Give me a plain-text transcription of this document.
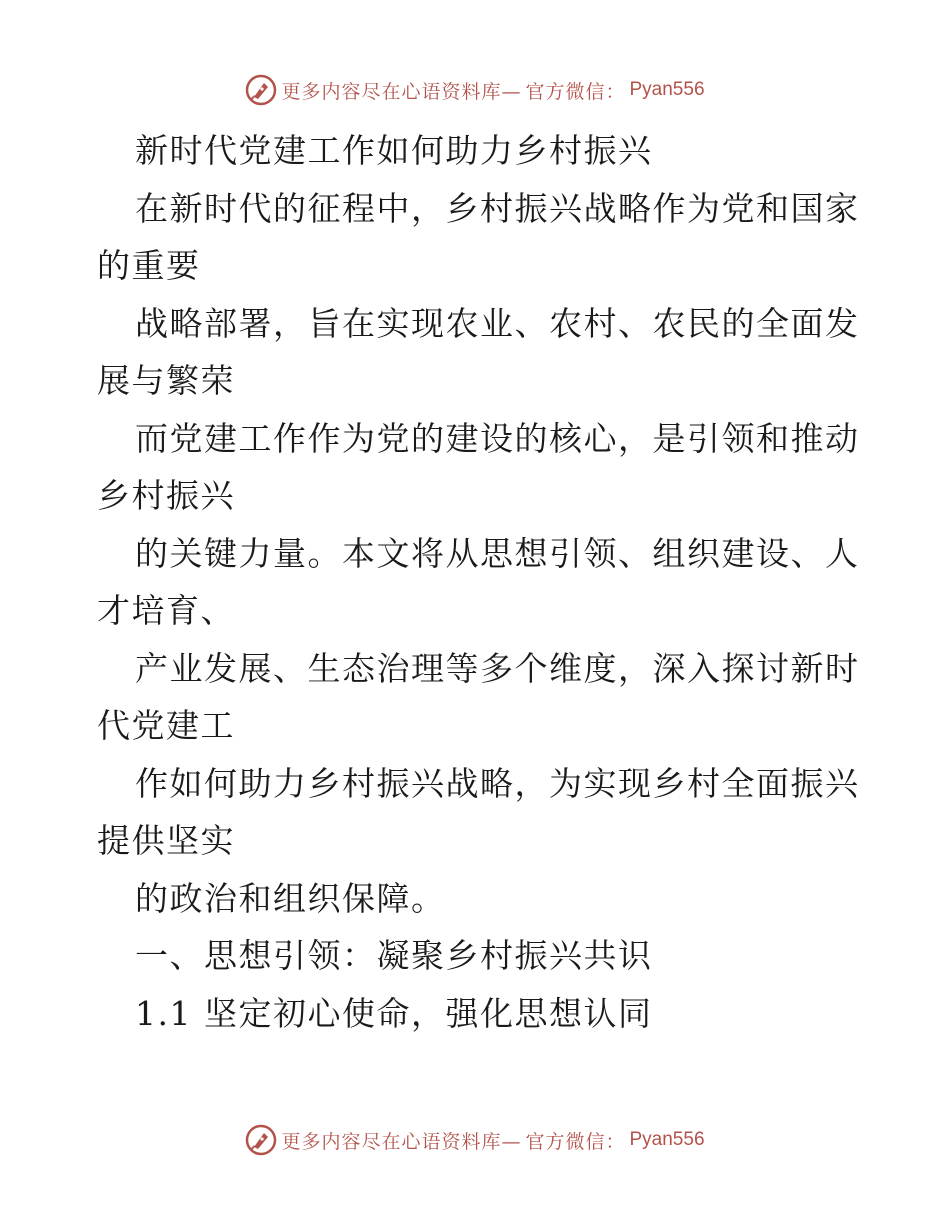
更多内容尽在心语资料库— 官方微信： Pyan556
新时代党建工作如何助力乡村振兴
在新时代的征程中，乡村振兴战略作为党和国家
的重要
战略部署，旨在实现农业、农村、农民的全面发
展与繁荣
而党建工作作为党的建设的核心，是引领和推动
乡村振兴
的关键力量。本文将从思想引领、组织建设、人
才培育、
产业发展、生态治理等多个维度，深入探讨新时
代党建工
作如何助力乡村振兴战略，为实现乡村全面振兴
提供坚实
的政治和组织保障。
一、思想引领：凝聚乡村振兴共识
1.1 坚定初心使命，强化思想认同
更多内容尽在心语资料库— 官方微信： Pyan556
